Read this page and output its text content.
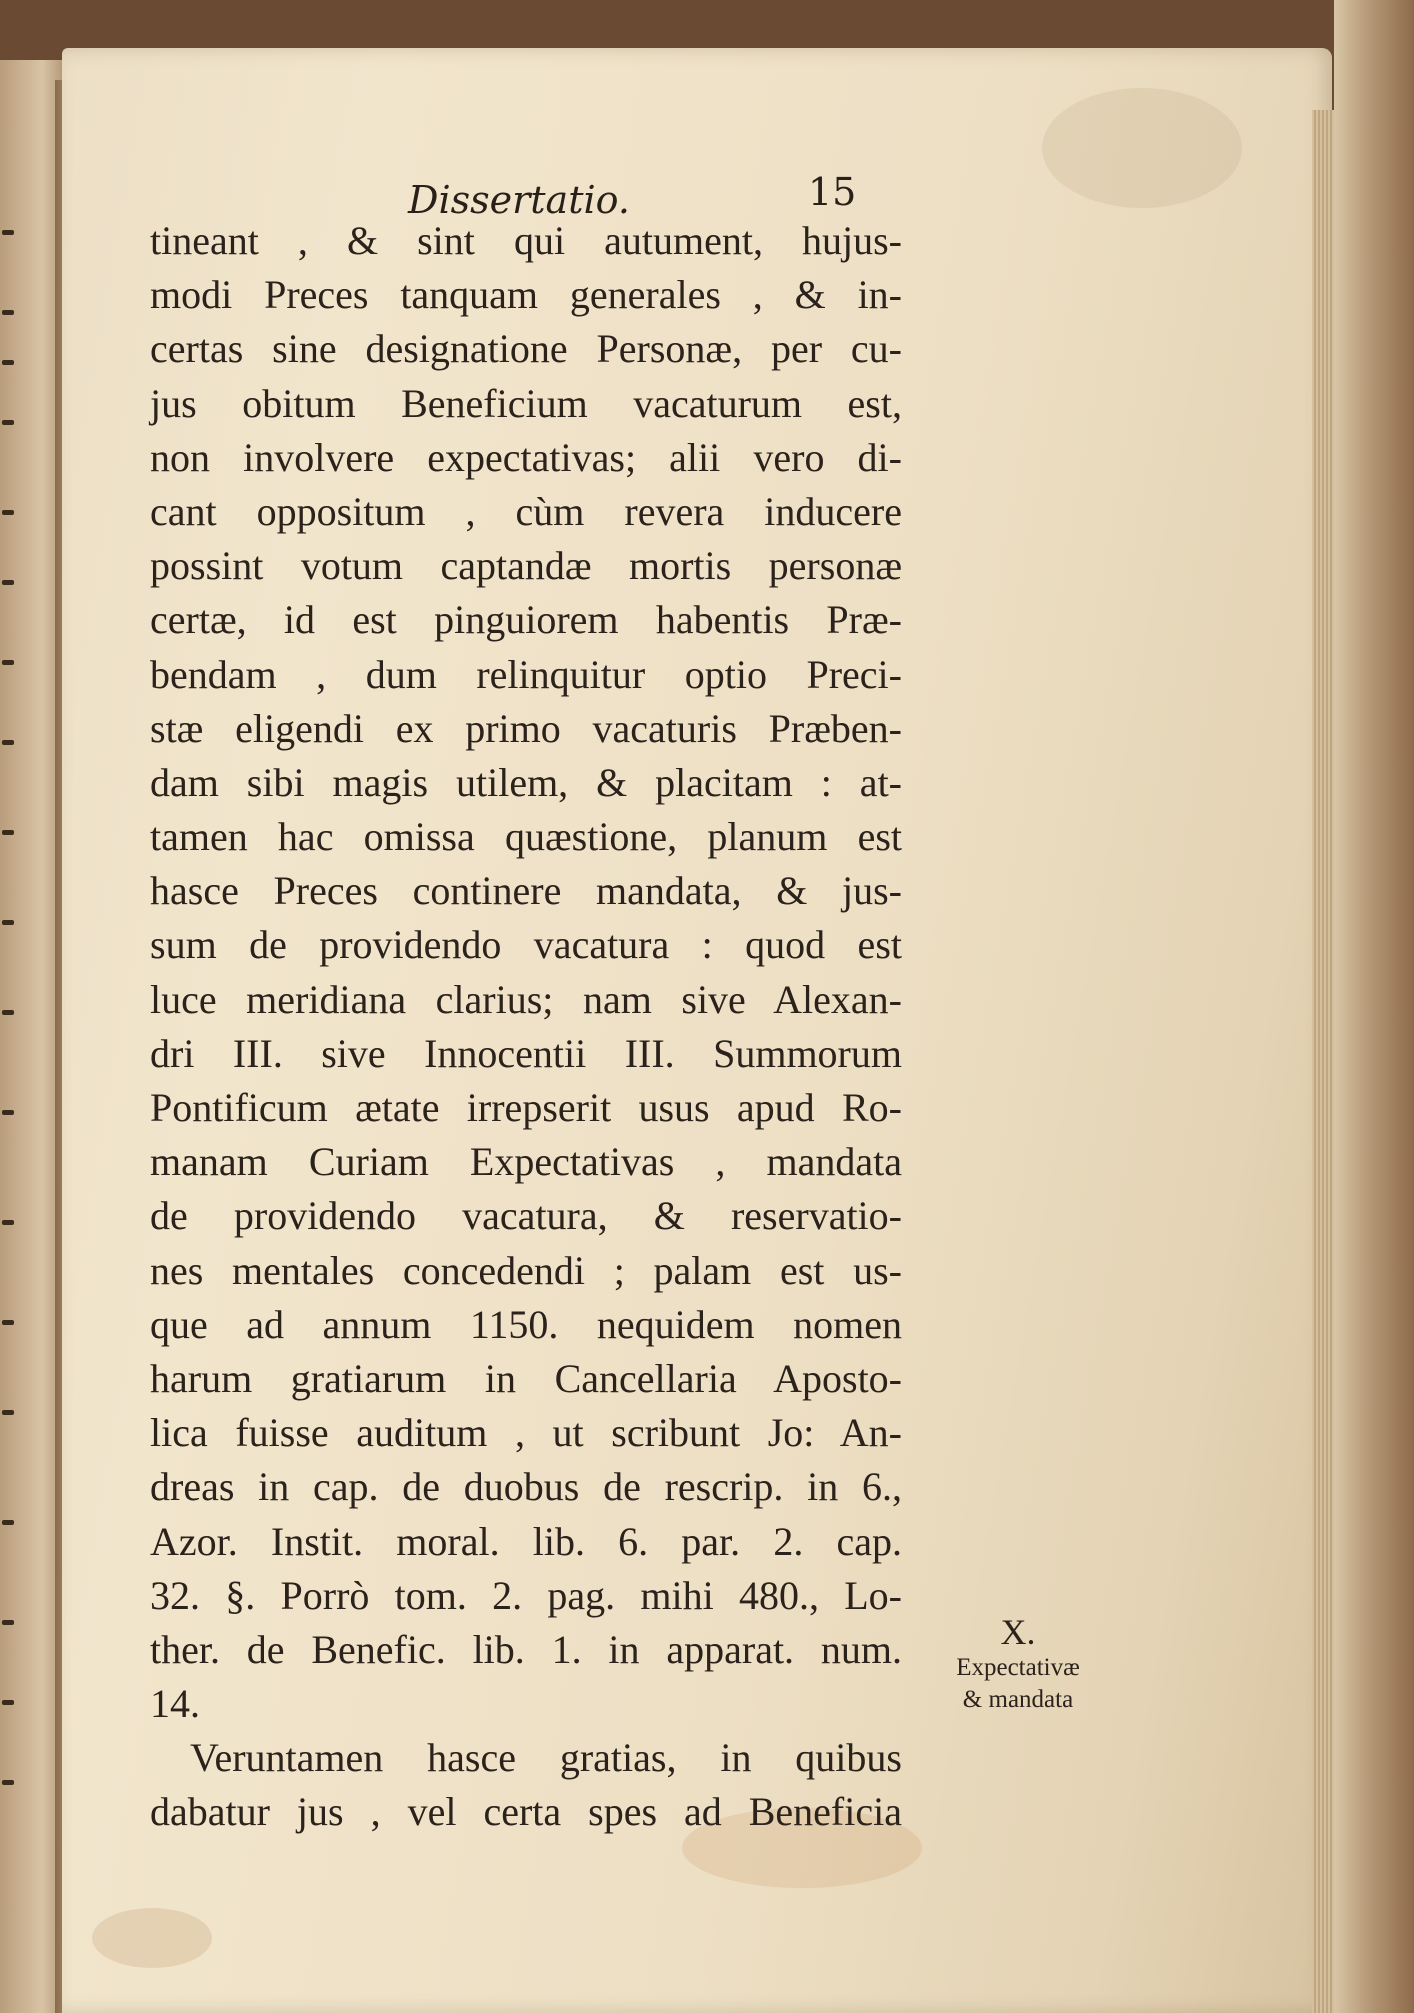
Dissertatio.	15
tineant , & sint qui autument, hujus-
modi Preces tanquam generales , & in-
certas sine designatione Personæ, per cu-
jus obitum Beneficium vacaturum est,
non involvere expectativas; alii vero di-
cant oppositum , cùm revera inducere
possint votum captandæ mortis personæ
certæ, id est pinguiorem habentis Præ-
bendam , dum relinquitur optio Preci-
stæ eligendi ex primo vacaturis Præben-
dam sibi magis utilem, & placitam : at-
tamen hac omissa quæstione, planum est
hasce Preces continere mandata, & jus-
sum de providendo vacatura : quod est
luce meridiana clarius; nam sive Alexan-
dri III. sive Innocentii III. Summorum
Pontificum ætate irrepserit usus apud Ro-
manam Curiam Expectativas , mandata
de providendo vacatura, & reservatio-
nes mentales concedendi ; palam est us-
que ad annum 1150. nequidem nomen
harum gratiarum in Cancellaria Aposto-
lica fuisse auditum , ut scribunt Jo: An-
dreas in cap. de duobus de rescrip. in 6.,
Azor. Instit. moral. lib. 6. par. 2. cap.
32. §. Porrò tom. 2. pag. mihi 480., Lo-
ther. de Benefic. lib. 1. in apparat. num.
14.
Veruntamen hasce gratias, in quibus
dabatur jus , vel certa spes ad Beneficia
X.
Expectativæ
& mandata
